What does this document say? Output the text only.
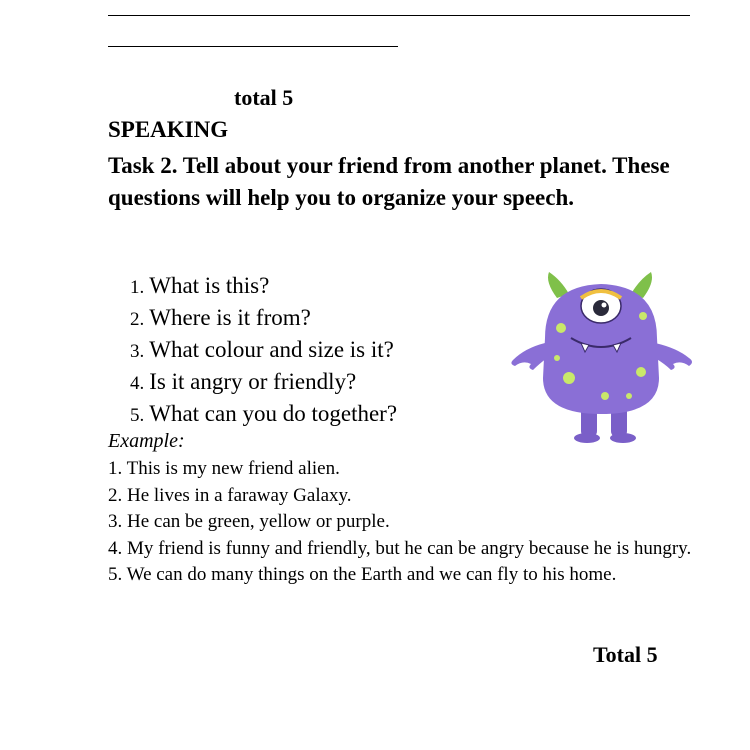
total 5
SPEAKING
Task 2. Tell about your friend from another planet. These questions will help you to organize your speech.
1. What is this?
2. Where is it from?
3. What colour and size is it?
4. Is it angry or friendly?
5. What can you do together?
Example:
1. This is my new friend alien.
2. He lives in a faraway Galaxy.
3. He can be green, yellow or purple.
4. My friend is funny and friendly, but he can be angry because he is hungry.
5. We can do many things on the Earth and we can fly to his home.
Total 5
